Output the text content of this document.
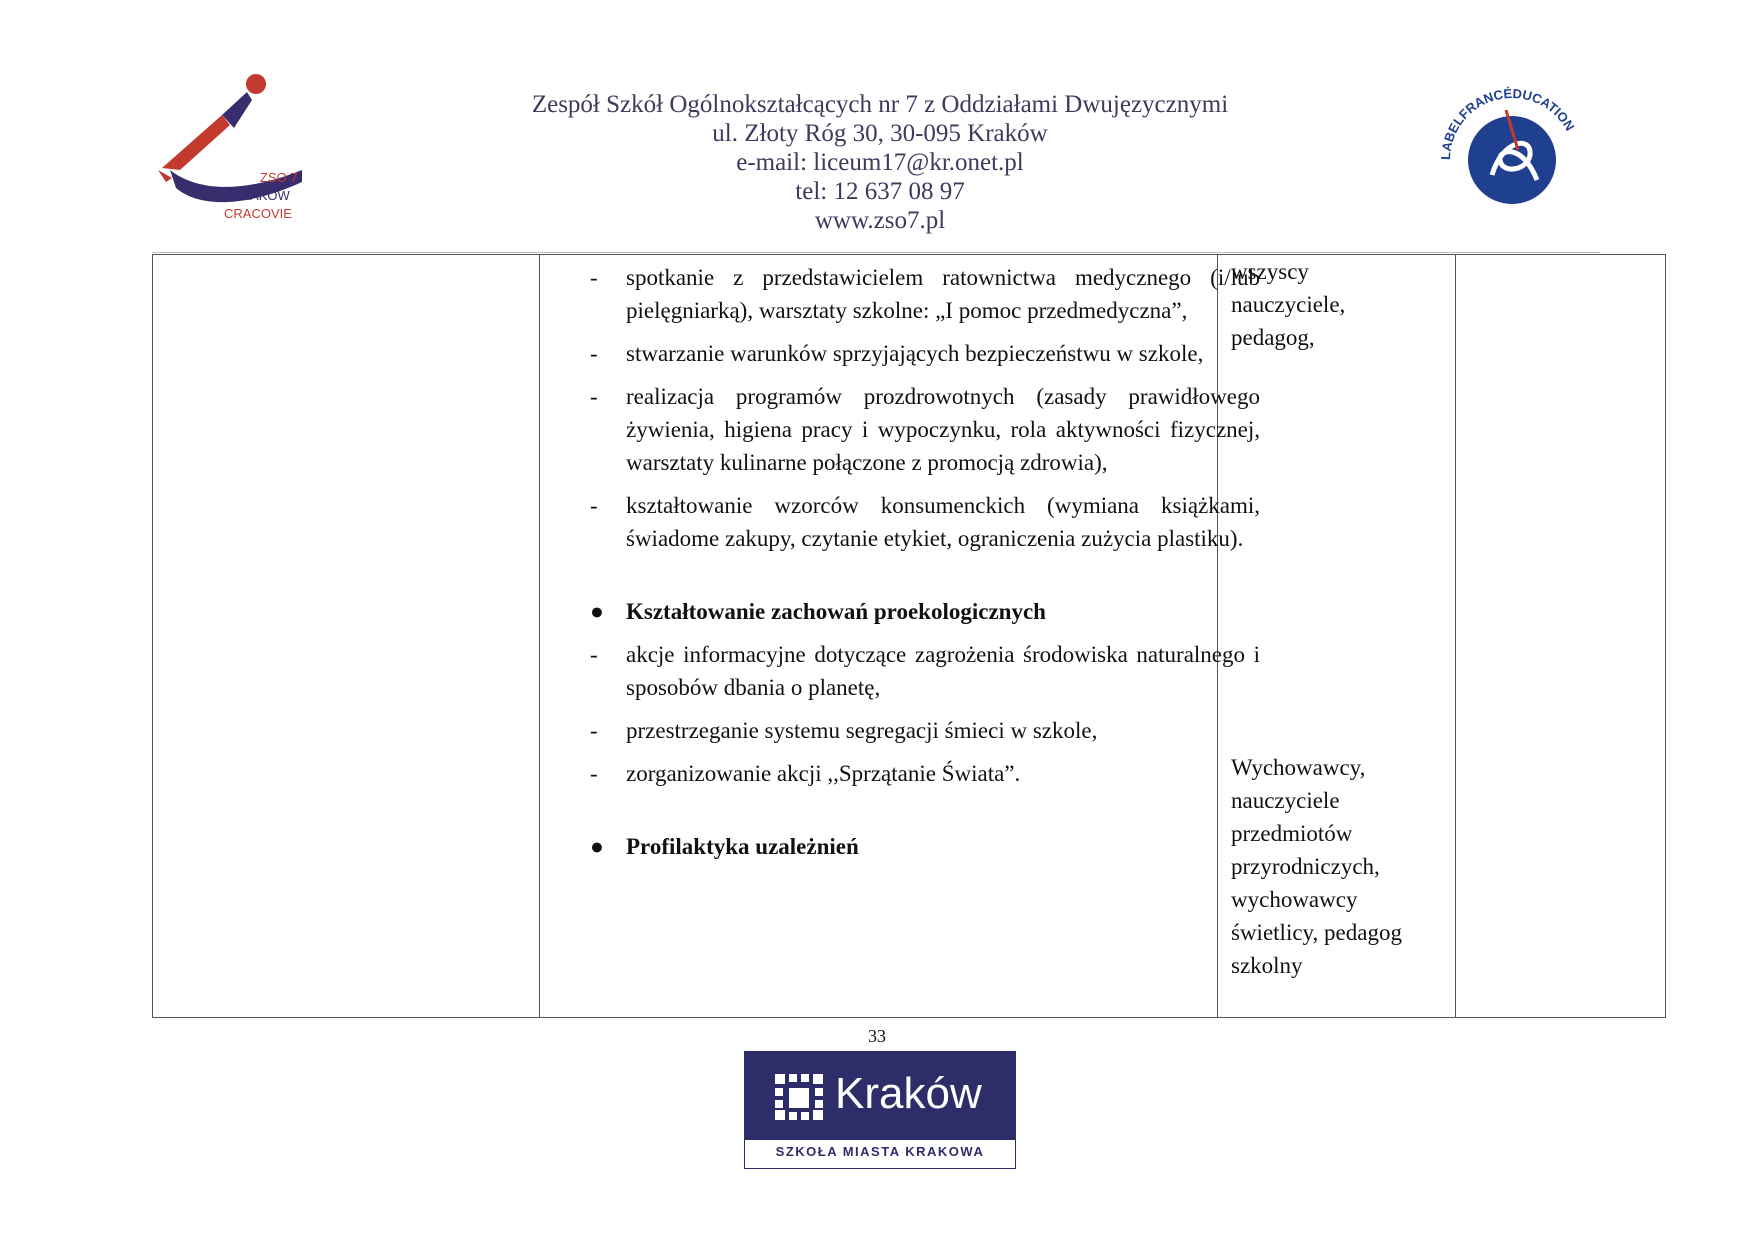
ZSO 7
KRAKÓW
CRACOVIE
Zespół Szkół Ogólnokształcących nr 7 z Oddziałami Dwujęzycznymi
ul. Złoty Róg 30, 30-095 Kraków
e-mail: liceum17@kr.onet.pl
tel: 12 637 08 97
www.zso7.pl
LABELFRANCÉDUCATION
- spotkanie z przedstawicielem ratownictwa medycznego (i/lub pielęgniarką), warsztaty szkolne: „I pomoc przedmedyczna”,
- stwarzanie warunków sprzyjających bezpieczeństwu w szkole,
- realizacja programów prozdrowotnych (zasady prawidłowego żywienia, higiena pracy i wypoczynku, rola aktywności fizycznej, warsztaty kulinarne połączone z promocją zdrowia),
- kształtowanie wzorców konsumenckich (wymiana książkami, świadome zakupy, czytanie etykiet, ograniczenia zużycia plastiku).
● Kształtowanie zachowań proekologicznych
- akcje informacyjne dotyczące zagrożenia środowiska naturalnego i sposobów dbania o planetę,
- przestrzeganie systemu segregacji śmieci w szkole,
- zorganizowanie akcji ,,Sprzątanie Świata”.
● Profilaktyka uzależnień
wszyscy
nauczyciele,
pedagog,
Wychowawcy,
nauczyciele
przedmiotów
przyrodniczych,
wychowawcy
świetlicy, pedagog
szkolny
33
Kraków
SZKOŁA MIASTA KRAKOWA
